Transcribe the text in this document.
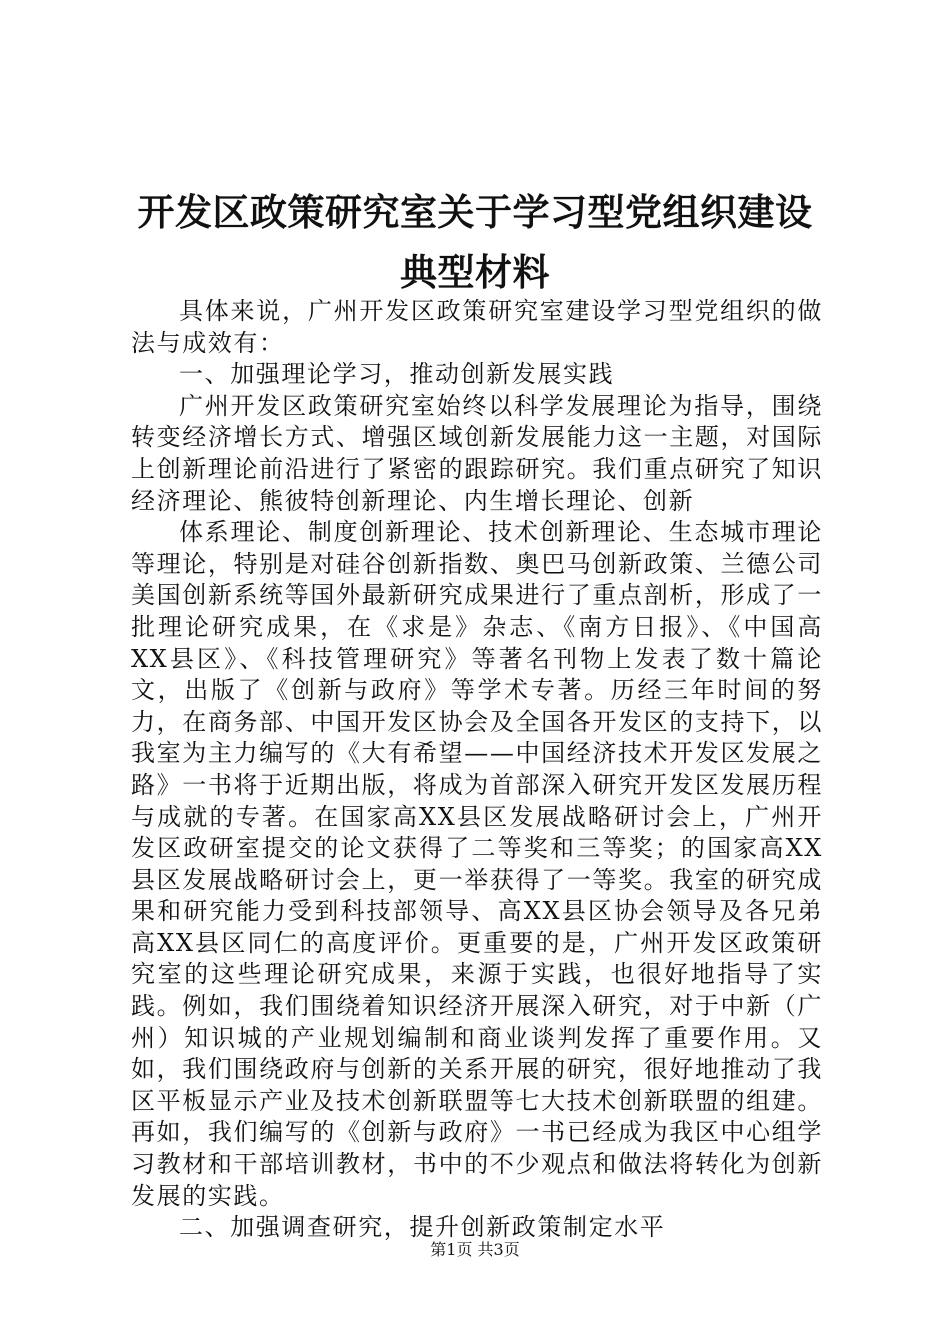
开发区政策研究室关于学习型党组织建设典型材料

具体来说，广州开发区政策研究室建设学习型党组织的做法与成效有：

一、加强理论学习，推动创新发展实践

广州开发区政策研究室始终以科学发展理论为指导，围绕转变经济增长方式、增强区域创新发展能力这一主题，对国际上创新理论前沿进行了紧密的跟踪研究。我们重点研究了知识经济理论、熊彼特创新理论、内生增长理论、创新

体系理论、制度创新理论、技术创新理论、生态城市理论等理论，特别是对硅谷创新指数、奥巴马创新政策、兰德公司美国创新系统等国外最新研究成果进行了重点剖析，形成了一批理论研究成果，在《求是》杂志、《南方日报》、《中国高XX县区》、《科技管理研究》等著名刊物上发表了数十篇论文，出版了《创新与政府》等学术专著。历经三年时间的努力，在商务部、中国开发区协会及全国各开发区的支持下，以我室为主力编写的《大有希望——中国经济技术开发区发展之路》一书将于近期出版，将成为首部深入研究开发区发展历程与成就的专著。在国家高XX县区发展战略研讨会上，广州开发区政研室提交的论文获得了二等奖和三等奖；的国家高XX县区发展战略研讨会上，更一举获得了一等奖。我室的研究成果和研究能力受到科技部领导、高XX县区协会领导及各兄弟高XX县区同仁的高度评价。更重要的是，广州开发区政策研究室的这些理论研究成果，来源于实践，也很好地指导了实践。例如，我们围绕着知识经济开展深入研究，对于中新（广州）知识城的产业规划编制和商业谈判发挥了重要作用。又如，我们围绕政府与创新的关系开展的研究，很好地推动了我区平板显示产业及技术创新联盟等七大技术创新联盟的组建。再如，我们编写的《创新与政府》一书已经成为我区中心组学习教材和干部培训教材，书中的不少观点和做法将转化为创新发展的实践。

二、加强调查研究，提升创新政策制定水平

第1页 共3页
